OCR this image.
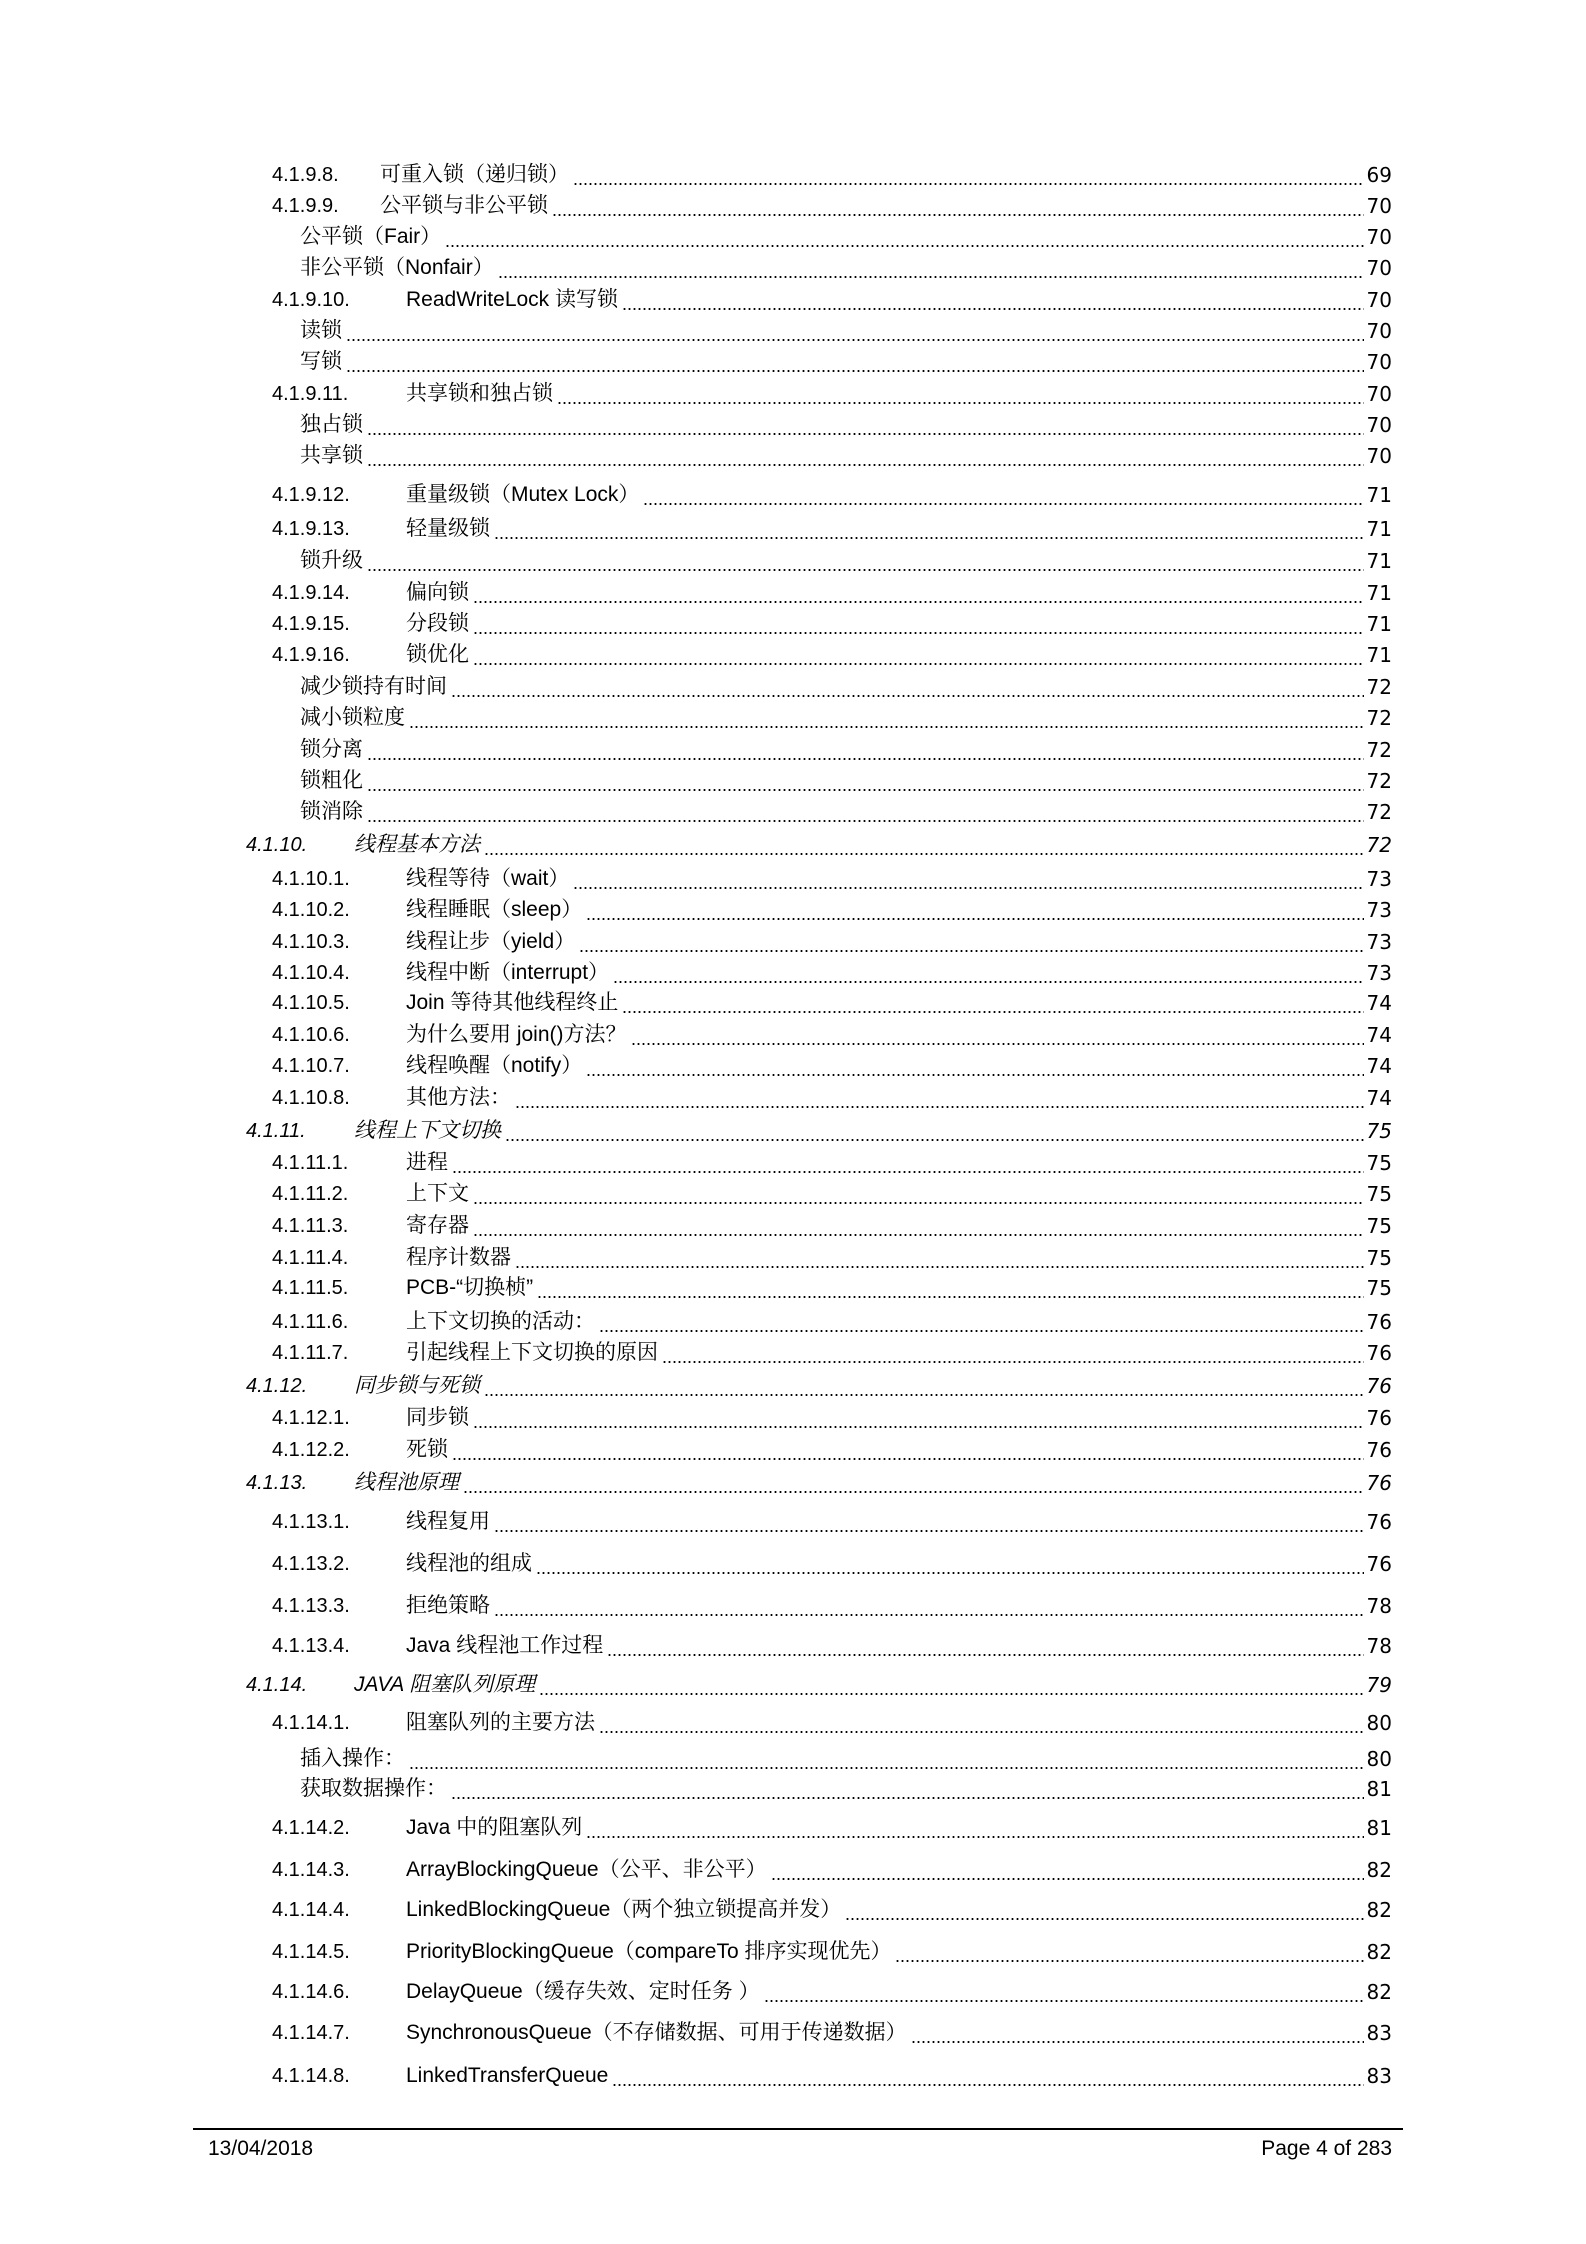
4.1.9.8. 可重入锁（递归锁）	69
4.1.9.9. 公平锁与非公平锁	70
公平锁（Fair）	70
非公平锁（Nonfair）	70
4.1.9.10.	ReadWriteLock 读写锁	70
读锁	70
写锁	70
4.1.9.11.	共享锁和独占锁	70
独占锁	70
共享锁	70
4.1.9.12.	重量级锁（Mutex Lock）	71
4.1.9.13.	轻量级锁	71
锁升级	71
4.1.9.14.	偏向锁	71
4.1.9.15.	分段锁	71
4.1.9.16.	锁优化	71
减少锁持有时间	72
减小锁粒度	72
锁分离	72
锁粗化	72
锁消除	72
4.1.10. 线程基本方法	72
4.1.10.1.	线程等待（wait）	73
4.1.10.2.	线程睡眠（sleep）	73
4.1.10.3.	线程让步（yield）	73
4.1.10.4.	线程中断（interrupt）	73
4.1.10.5.	Join 等待其他线程终止	74
4.1.10.6.	为什么要用 join()方法？	74
4.1.10.7.	线程唤醒（notify）	74
4.1.10.8.	其他方法：	74
4.1.11. 线程上下文切换	75
4.1.11.1.	进程	75
4.1.11.2.	上下文	75
4.1.11.3.	寄存器	75
4.1.11.4.	程序计数器	75
4.1.11.5.	PCB-“切换桢”	75
4.1.11.6.	上下文切换的活动：	76
4.1.11.7.	引起线程上下文切换的原因	76
4.1.12. 同步锁与死锁	76
4.1.12.1.	同步锁	76
4.1.12.2.	死锁	76
4.1.13. 线程池原理	76
4.1.13.1.	线程复用	76
4.1.13.2.	线程池的组成	76
4.1.13.3.	拒绝策略	78
4.1.13.4.	Java 线程池工作过程	78
4.1.14. JAVA 阻塞队列原理	79
4.1.14.1.	阻塞队列的主要方法	80
插入操作：	80
获取数据操作：	81
4.1.14.2.	Java 中的阻塞队列	81
4.1.14.3.	ArrayBlockingQueue（公平、非公平）	82
4.1.14.4.	LinkedBlockingQueue（两个独立锁提高并发）	82
4.1.14.5.	PriorityBlockingQueue（compareTo 排序实现优先）	82
4.1.14.6.	DelayQueue（缓存失效、定时任务 ）	82
4.1.14.7.	SynchronousQueue（不存储数据、可用于传递数据）	83
4.1.14.8.	LinkedTransferQueue	83
13/04/2018	Page 4 of 283
